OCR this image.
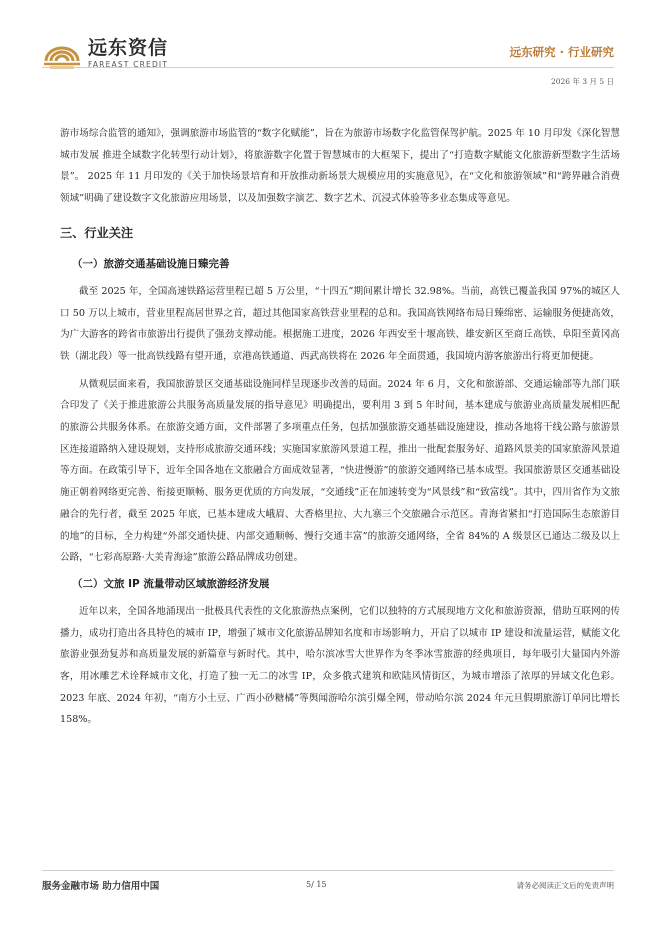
远东资信
FAREAST CREDIT
远东研究 · 行业研究
2026 年 3 月 5 日

游市场综合监管的通知》，强调旅游市场监管的“数字化赋能”，旨在为旅游市场数字化监管保驾护航。2025 年 10 月印发《深化智慧城市发展 推进全域数字化转型行动计划》，将旅游数字化置于智慧城市的大框架下，提出了“打造数字赋能文化旅游新型数字生活场景”。 2025 年 11 月印发的《关于加快场景培育和开放推动新场景大规模应用的实施意见》，在“文化和旅游领域”和“跨界融合消费领域”明确了建设数字文化旅游应用场景，以及加强数字演艺、数字艺术、沉浸式体验等多业态集成等意见。

三、行业关注
（一）旅游交通基础设施日臻完善

截至 2025 年，全国高速铁路运营里程已超 5 万公里，“十四五”期间累计增长 32.98%。当前，高铁已覆盖我国 97%的城区人口 50 万以上城市，营业里程高居世界之首，超过其他国家高铁营业里程的总和。我国高铁网络布局日臻绵密、运输服务便捷高效，为广大游客的跨省市旅游出行提供了强劲支撑动能。根据施工进度，2026 年西安至十堰高铁、雄安新区至商丘高铁、阜阳至黄冈高铁（湖北段）等一批高铁线路有望开通，京港高铁通道、西武高铁将在 2026 年全面贯通，我国境内游客旅游出行将更加便捷。

从微观层面来看，我国旅游景区交通基础设施同样呈现逐步改善的局面。2024 年 6 月，文化和旅游部、交通运输部等九部门联合印发了《关于推进旅游公共服务高质量发展的指导意见》明确提出，要利用 3 到 5 年时间，基本建成与旅游业高质量发展相匹配的旅游公共服务体系。在旅游交通方面，文件部署了多项重点任务，包括加强旅游交通基础设施建设，推动各地将干线公路与旅游景区连接道路纳入建设规划，支持形成旅游交通环线；实施国家旅游风景道工程，推出一批配套服务好、道路风景美的国家旅游风景道等方面。在政策引导下，近年全国各地在文旅融合方面成效显著，“快进慢游”的旅游交通网络已基本成型。我国旅游景区交通基础设施正朝着网络更完善、衔接更顺畅、服务更优质的方向发展，“交通线”正在加速转变为“风景线”和“致富线”。其中，四川省作为文旅融合的先行者，截至 2025 年底，已基本建成大峨眉、大香格里拉、大九寨三个交旅融合示范区。青海省紧扣“打造国际生态旅游目的地”的目标，全力构建“外部交通快捷、内部交通顺畅、慢行交通丰富”的旅游交通网络，全省 84%的 A 级景区已通达二级及以上公路，“七彩高原路·大美青海途”旅游公路品牌成功创建。

（二）文旅 IP 流量带动区域旅游经济发展

近年以来，全国各地涌现出一批极具代表性的文化旅游热点案例，它们以独特的方式展现地方文化和旅游资源，借助互联网的传播力，成功打造出各具特色的城市 IP，增强了城市文化旅游品牌知名度和市场影响力，开启了以城市 IP 建设和流量运营，赋能文化旅游业强劲复苏和高质量发展的新篇章与新时代。其中，哈尔滨冰雪大世界作为冬季冰雪旅游的经典项目，每年吸引大量国内外游客，用冰雕艺术诠释城市文化，打造了独一无二的冰雪 IP，众多俄式建筑和欧陆风情街区，为城市增添了浓厚的异域文化色彩。2023 年底、2024 年初，“南方小土豆、广西小砂糖橘”等舆闻游哈尔滨引爆全网，带动哈尔滨 2024 年元旦假期旅游订单同比增长 158%。

服务金融市场 助力信用中国	5/ 15	请务必阅读正文后的免责声明
